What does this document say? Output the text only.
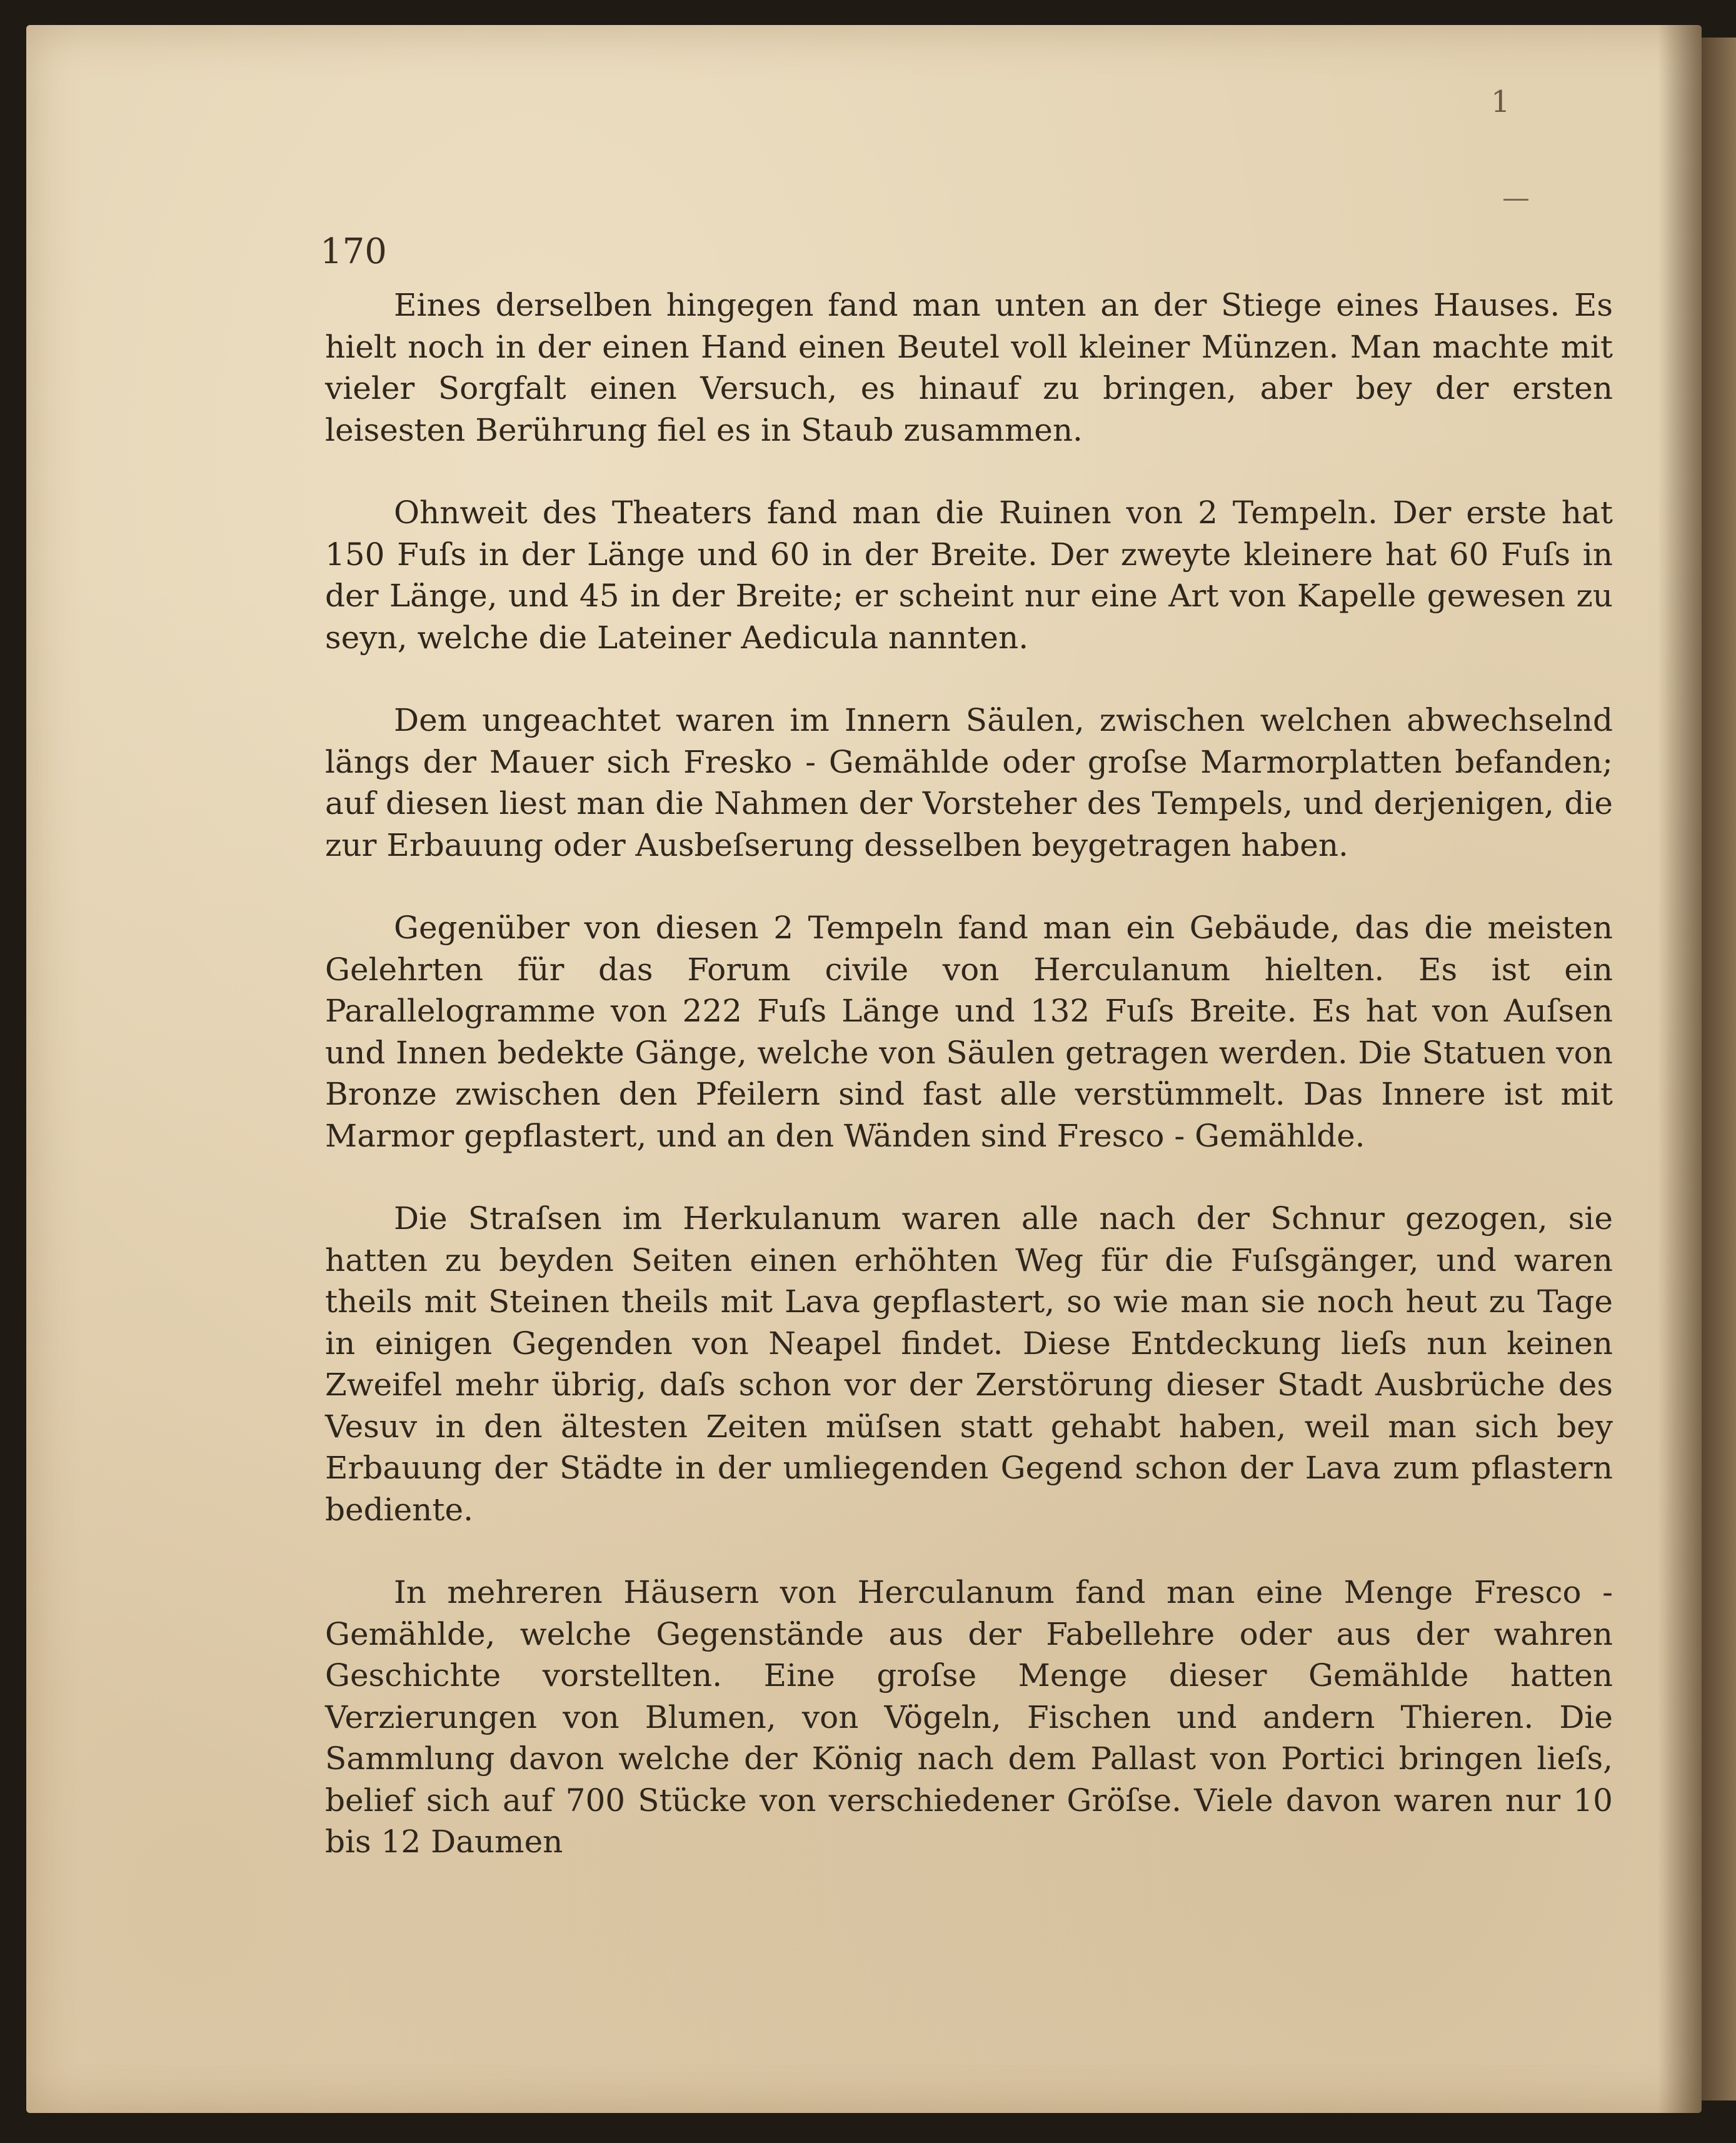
1
170

Eines derselben hingegen fand man unten an der Stiege eines Hauses. Es hielt noch in der einen Hand einen Beutel voll kleiner Münzen. Man machte mit vieler Sorgfalt einen Versuch, es hinauf zu bringen, aber bey der ersten leisesten Berührung fiel es in Staub zusammen.

Ohnweit des Theaters fand man die Ruinen von 2 Tempeln. Der erste hat 150 Fuſs in der Länge und 60 in der Breite. Der zweyte kleinere hat 60 Fuſs in der Länge, und 45 in der Breite; er scheint nur eine Art von Kapelle gewesen zu seyn, welche die Lateiner Aedicula nannten.

Dem ungeachtet waren im Innern Säulen, zwischen welchen abwechselnd längs der Mauer sich Fresko - Gemählde oder groſse Marmorplatten befanden; auf diesen liest man die Nahmen der Vorsteher des Tempels, und derjenigen, die zur Erbauung oder Ausbeſserung desselben beygetragen haben.

Gegenüber von diesen 2 Tempeln fand man ein Gebäude, das die meisten Gelehrten für das Forum civile von Herculanum hielten. Es ist ein Parallelogramme von 222 Fuſs Länge und 132 Fuſs Breite. Es hat von Auſsen und Innen bedekte Gänge, welche von Säulen getragen werden. Die Statuen von Bronze zwischen den Pfeilern sind fast alle verstümmelt. Das Innere ist mit Marmor gepflastert, und an den Wänden sind Fresco - Gemählde.

Die Straſsen im Herkulanum waren alle nach der Schnur gezogen, sie hatten zu beyden Seiten einen erhöhten Weg für die Fuſsgänger, und waren theils mit Steinen theils mit Lava gepflastert, so wie man sie noch heut zu Tage in einigen Gegenden von Neapel findet. Diese Entdeckung lieſs nun keinen Zweifel mehr übrig, daſs schon vor der Zerstörung dieser Stadt Ausbrüche des Vesuv in den ältesten Zeiten müſsen statt gehabt haben, weil man sich bey Erbauung der Städte in der umliegenden Gegend schon der Lava zum pflastern bediente.

In mehreren Häusern von Herculanum fand man eine Menge Fresco - Gemählde, welche Gegenstände aus der Fabellehre oder aus der wahren Geschichte vorstellten. Eine groſse Menge dieser Gemählde hatten Verzierungen von Blumen, von Vögeln, Fischen und andern Thieren. Die Sammlung davon welche der König nach dem Pallast von Portici bringen lieſs, belief sich auf 700 Stücke von verschiedener Gröſse. Viele davon waren nur 10 bis 12 Daumen
